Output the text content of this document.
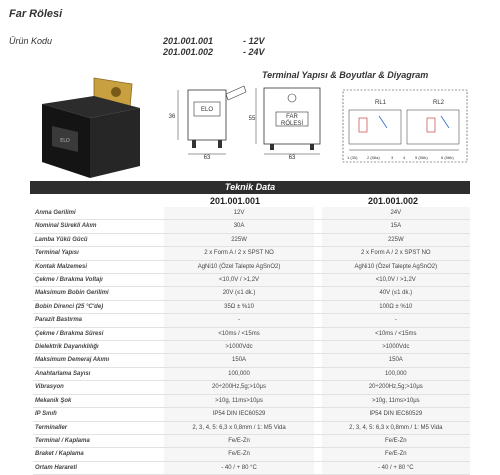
Far Rölesi
Ürün Kodu	201.001.001	- 12V
201.001.002	- 24V
Terminal Yapısı & Boyutlar & Diyagram
ELO
ELO
36
63
FAR
RÖLESİ
55
63
RL1	RL2
1 (30) 2 (56a)	3 4 5 (56b)	6 (56b)
Teknik Data
201.001.001	201.001.002
Anma Gerilimi	12V		24V
Nominal Sürekli Akım	30A		15A
Lamba Yükü Gücü	225W		225W
Terminal Yapısı	2 x Form A / 2 x SPST NO		2 x Form A / 2 x SPST NO
Kontak Malzemesi	AgNi10 (Özel Talepte AgSnO2)		AgNi10 (Özel Talepte AgSnO2)
Çekme / Bırakma Voltajı	<10,0V / >1,2V		<10,0V / >1,2V
Maksimum Bobin Gerilimi	20V (≤1 dk.)		40V (≤1 dk.)
Bobin Direnci (25 °C'de)	35Ω ± %10		100Ω ± %10
Parazit Bastırma	-		-
Çekme / Bırakma Süresi	<10ms / <15ms		<10ms / <15ms
Dielektrik Dayanıklılığı	>1000Vdc		>1000Vdc
Maksimum Demeraj Akımı	150A		150A
Anahtarlama Sayısı	100,000		100,000
Vibrasyon	20÷200Hz,5g;>10μs		20÷200Hz,5g;>10μs
Mekanik Şok	>10g, 11ms>10μs		>10g, 11ms>10μs
IP Sınıfı	IP54 DIN IEC60529		IP54 DIN IEC60529
Terminaller	2, 3, 4, 5: 6,3 x 0,8mm / 1: M5 Vida		2, 3, 4, 5: 6,3 x 0,8mm / 1: M5 Vida
Terminal / Kaplama	Fe/E-Zn		Fe/E-Zn
Braket / Kaplama	Fe/E-Zn		Fe/E-Zn
Ortam Harareti	- 40 / + 80 °C		- 40 / + 80 °C
